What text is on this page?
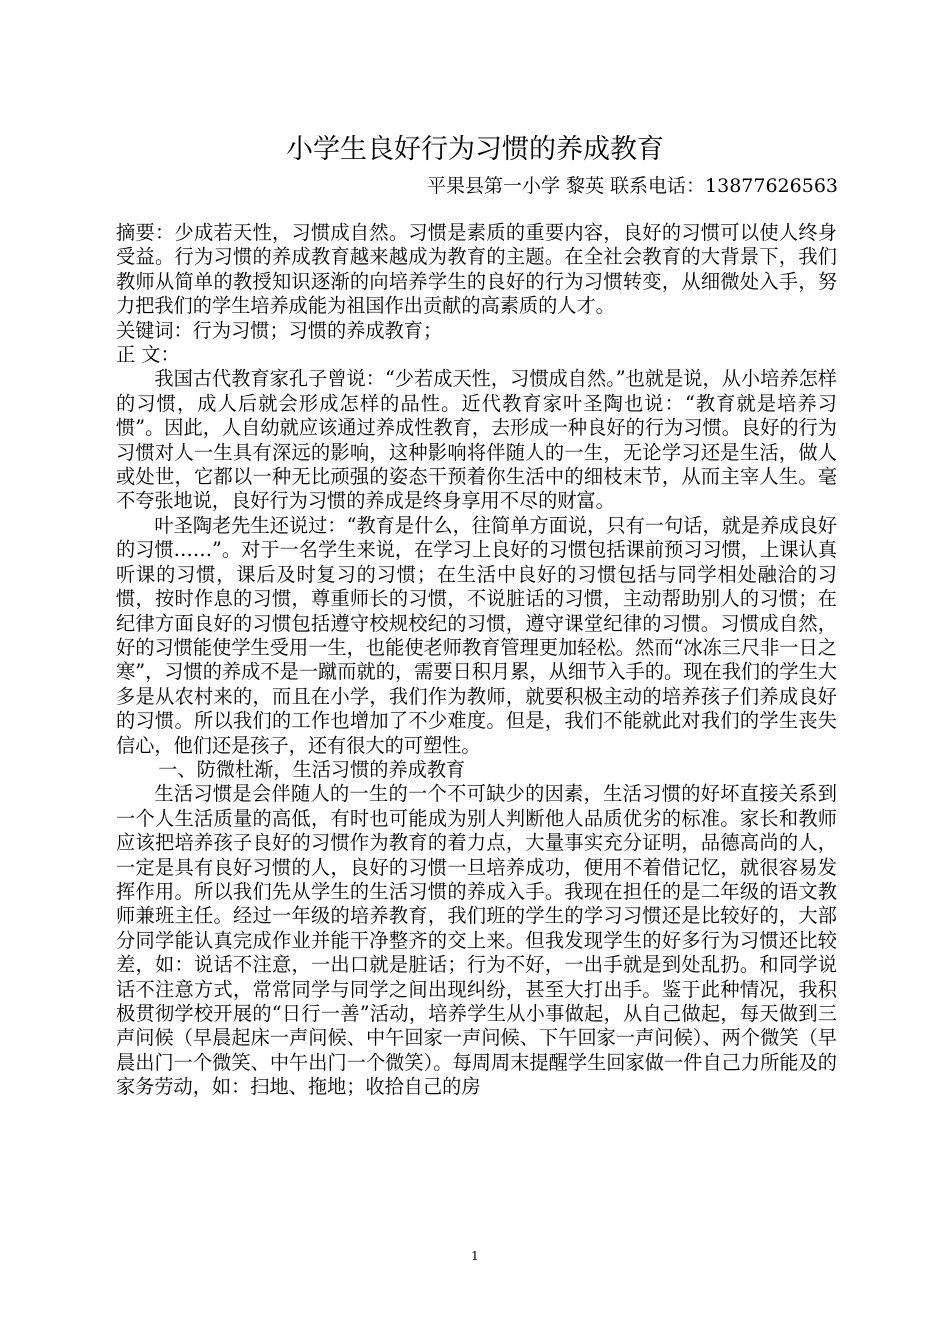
小学生良好行为习惯的养成教育
平果县第一小学 黎英 联系电话：13877626563

摘要：少成若天性，习惯成自然。习惯是素质的重要内容，良好的习惯可以使人终身受益。行为习惯的养成教育越来越成为教育的主题。在全社会教育的大背景下，我们教师从简单的教授知识逐渐的向培养学生的良好的行为习惯转变，从细微处入手，努力把我们的学生培养成能为祖国作出贡献的高素质的人才。

关键词：行为习惯；习惯的养成教育；

正 文：

我国古代教育家孔子曾说：“少若成天性，习惯成自然。”也就是说，从小培养怎样的习惯，成人后就会形成怎样的品性。近代教育家叶圣陶也说：“教育就是培养习惯”。因此，人自幼就应该通过养成性教育，去形成一种良好的行为习惯。良好的行为习惯对人一生具有深远的影响，这种影响将伴随人的一生，无论学习还是生活，做人或处世，它都以一种无比顽强的姿态干预着你生活中的细枝末节，从而主宰人生。毫不夸张地说，良好行为习惯的养成是终身享用不尽的财富。

叶圣陶老先生还说过：“教育是什么，往简单方面说，只有一句话，就是养成良好的习惯……”。对于一名学生来说，在学习上良好的习惯包括课前预习习惯，上课认真听课的习惯，课后及时复习的习惯；在生活中良好的习惯包括与同学相处融洽的习惯，按时作息的习惯，尊重师长的习惯，不说脏话的习惯，主动帮助别人的习惯；在纪律方面良好的习惯包括遵守校规校纪的习惯，遵守课堂纪律的习惯。习惯成自然，好的习惯能使学生受用一生，也能使老师教育管理更加轻松。然而“冰冻三尺非一日之寒”，习惯的养成不是一蹴而就的，需要日积月累，从细节入手的。现在我们的学生大多是从农村来的，而且在小学，我们作为教师，就要积极主动的培养孩子们养成良好的习惯。所以我们的工作也增加了不少难度。但是，我们不能就此对我们的学生丧失信心，他们还是孩子，还有很大的可塑性。

一、防微杜渐，生活习惯的养成教育

生活习惯是会伴随人的一生的一个不可缺少的因素，生活习惯的好坏直接关系到一个人生活质量的高低，有时也可能成为别人判断他人品质优劣的标准。家长和教师应该把培养孩子良好的习惯作为教育的着力点，大量事实充分证明，品德高尚的人，一定是具有良好习惯的人，良好的习惯一旦培养成功，便用不着借记忆，就很容易发挥作用。所以我们先从学生的生活习惯的养成入手。我现在担任的是二年级的语文教师兼班主任。经过一年级的培养教育，我们班的学生的学习习惯还是比较好的，大部分同学能认真完成作业并能干净整齐的交上来。但我发现学生的好多行为习惯还比较差，如：说话不注意，一出口就是脏话；行为不好，一出手就是到处乱扔。和同学说话不注意方式，常常同学与同学之间出现纠纷，甚至大打出手。鉴于此种情况，我积极贯彻学校开展的“日行一善”活动，培养学生从小事做起，从自己做起，每天做到三声问候（早晨起床一声问候、中午回家一声问候、下午回家一声问候）、两个微笑（早晨出门一个微笑、中午出门一个微笑）。每周周末提醒学生回家做一件自己力所能及的家务劳动，如：扫地、拖地；收拾自己的房

1
